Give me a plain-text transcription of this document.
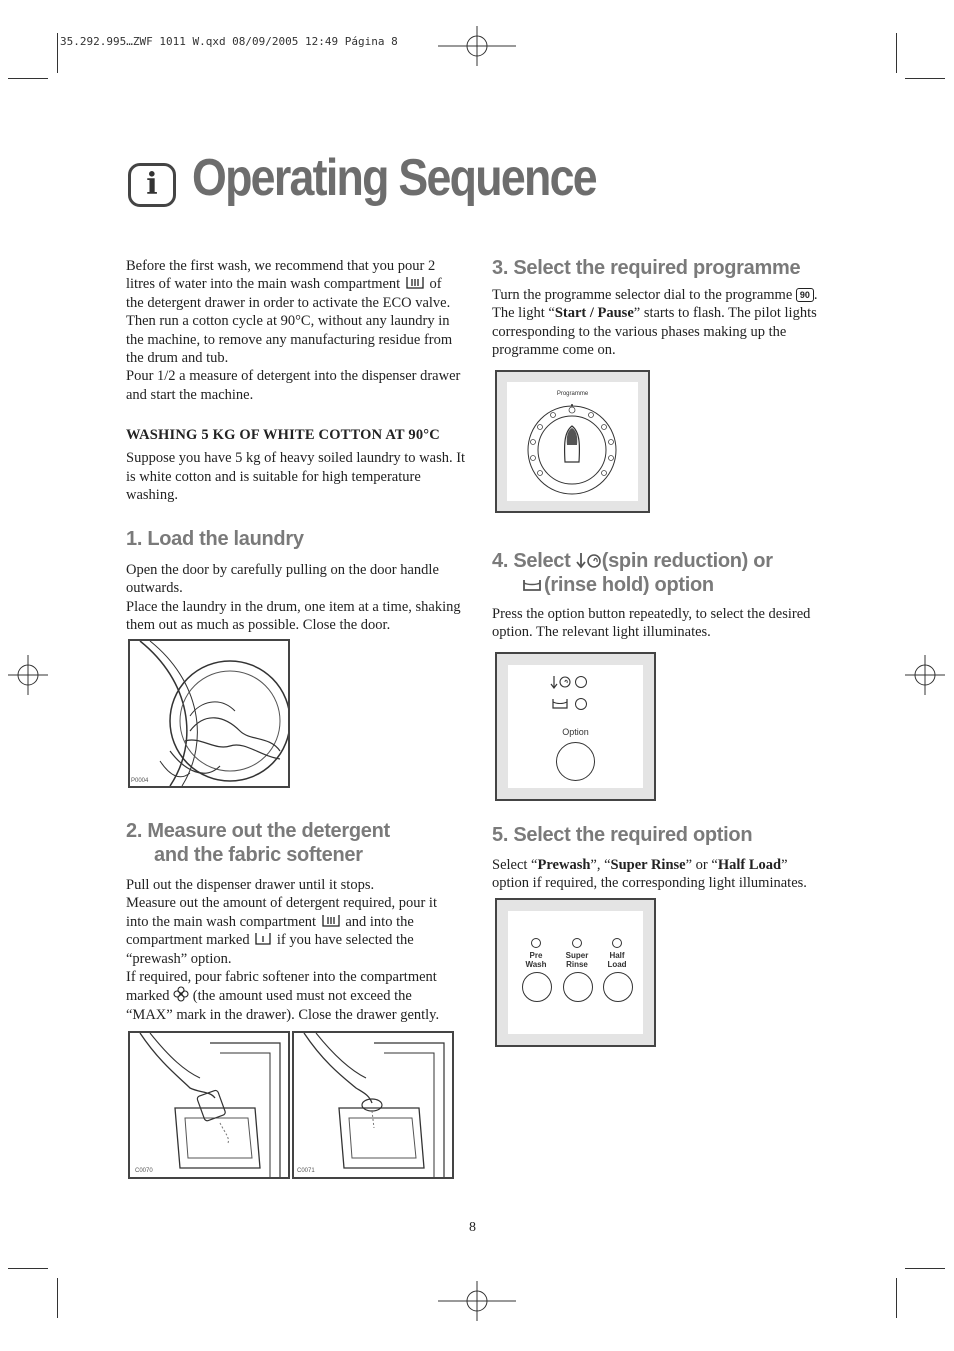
35.292.995…ZWF 1011 W.qxd 08/09/2005 12:49 Página 8
i Operating Sequence

Before the first wash, we recommend that you pour 2 litres of water into the main wash compartment of the detergent drawer in order to activate the ECO valve. Then run a cotton cycle at 90°C, without any laundry in the machine, to remove any manufacturing residue from the drum and tub.

Pour 1/2 a measure of detergent into the dispenser drawer and start the machine.

WASHING 5 KG OF WHITE COTTON AT 90°C

Suppose you have 5 kg of heavy soiled laundry to wash. It is white cotton and is suitable for high temperature washing.

1. Load the laundry

Open the door by carefully pulling on the door handle outwards.

Place the laundry in the drum, one item at a time, shaking them out as much as possible. Close the door.

P0004
2. Measure out the detergent
and the fabric softener

Pull out the dispenser drawer until it stops.

Measure out the amount of detergent required, pour it into the main wash compartment and into the compartment marked if you have selected the “prewash” option.

If required, pour fabric softener into the compartment marked (the amount used must not exceed the “MAX” mark in the drawer). Close the drawer gently.

C0070	C0071
3. Select the required programme

Turn the programme selector dial to the programme 90 . The light “Start / Pause” starts to flash. The pilot lights corresponding to the various phases making up the programme come on.

Programme
4. Select (spin reduction) or
(rinse hold) option

Press the option button repeatedly, to select the desired option. The relevant light illuminates.

Option
5. Select the required option

Select “Prewash”, “Super Rinse” or “Half Load” option if required, the corresponding light illuminates.

Pre
Wash
Super
Rinse
Half
Load
8
